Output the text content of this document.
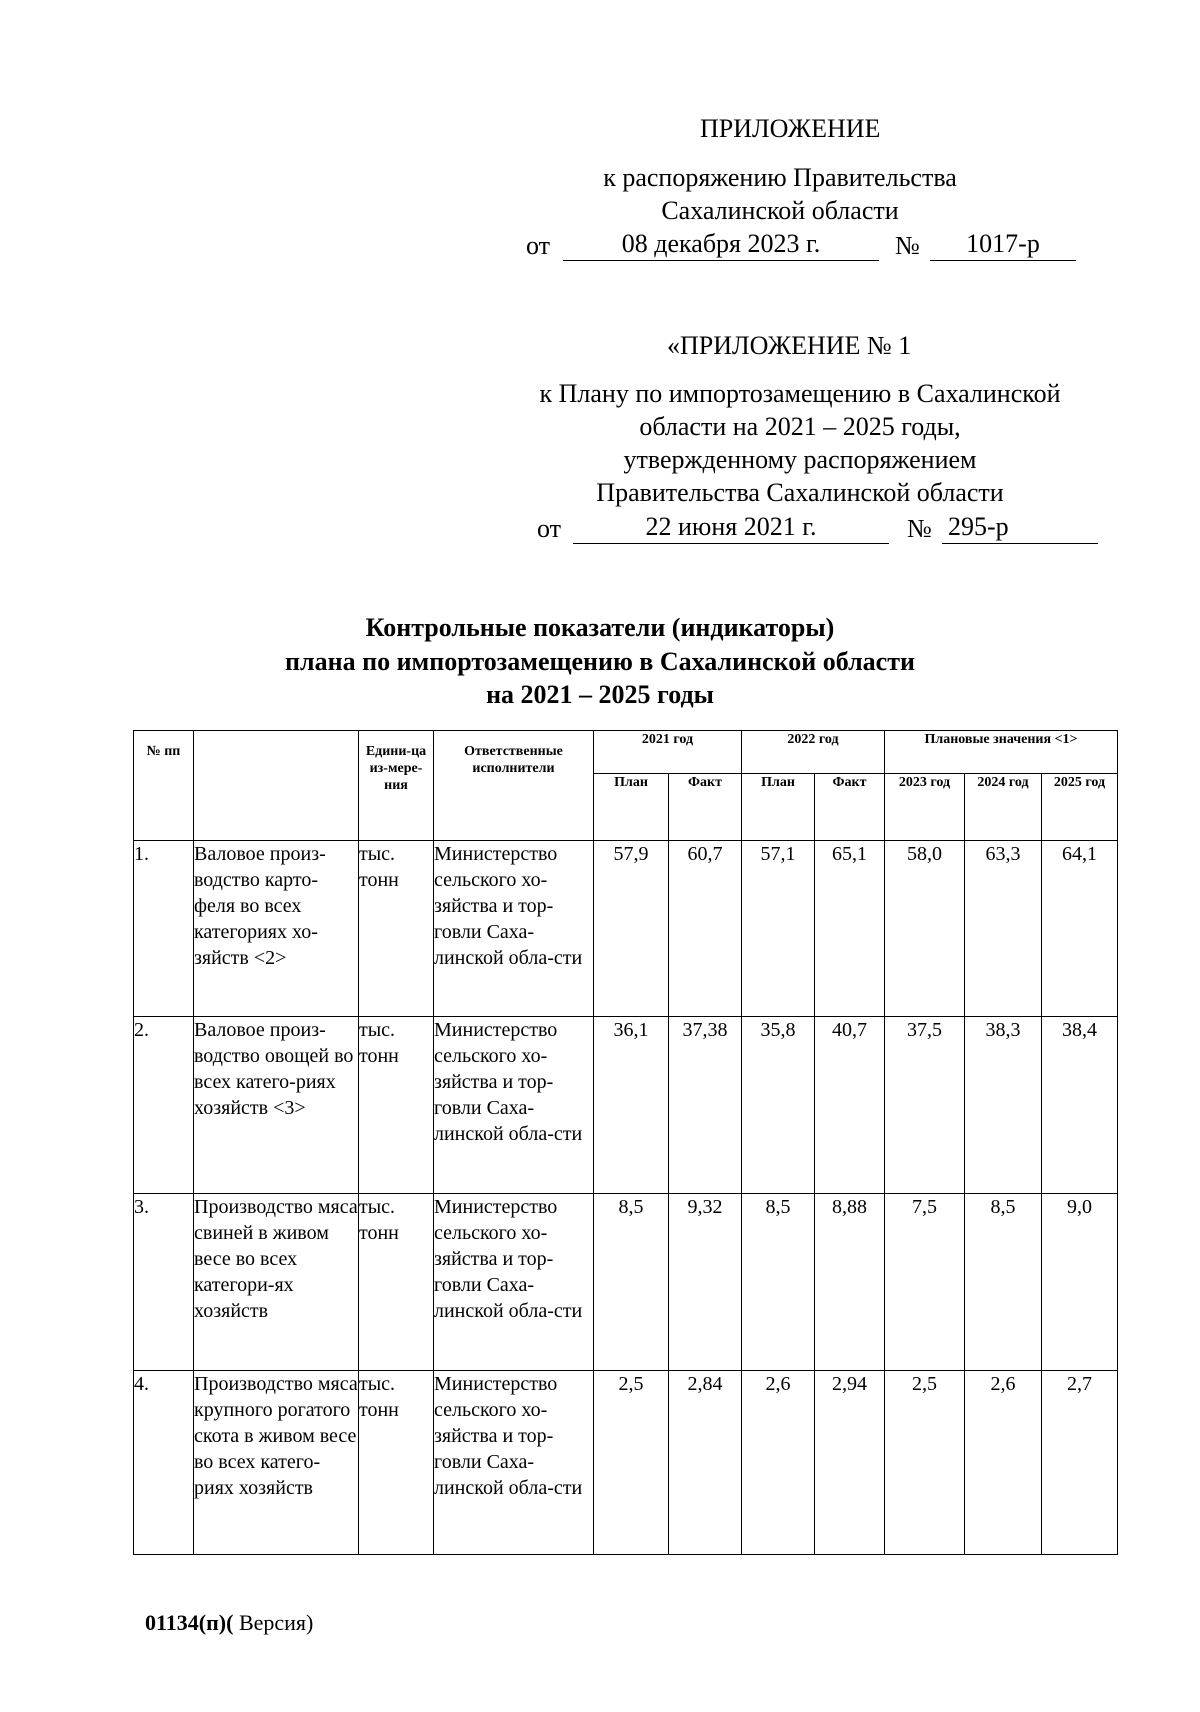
ПРИЛОЖЕНИЕ
к распоряжению Правительства
Сахалинской области
от	08 декабря 2023 г.	№	1017-р
«ПРИЛОЖЕНИЕ № 1
к Плану по импортозамещению в Сахалинской
области на 2021 – 2025 годы,
утвержденному распоряжением
Правительства Сахалинской области
от	22 июня 2021 г.	№ 295-р
Контрольные показатели (индикаторы)
плана по импортозамещению в Сахалинской области
на 2021 – 2025 годы
№ пп		Едини-ца из-мере-ния	Ответственные исполнители	2021 год		2022 год		Плановые значения <1>		
				План	Факт	План	Факт	2023 год	2024 год	2025 год
1.	Валовое произ-водство карто-феля во всех категориях хо-зяйств <2>	тыс. тонн	Министерство сельского хо-зяйства и тор-говли Саха-линской обла-сти	57,9	60,7	57,1	65,1	58,0	63,3	64,1
2.	Валовое произ-водство овощей во всех катего-риях хозяйств <3>	тыс. тонн	Министерство сельского хо-зяйства и тор-говли Саха-линской обла-сти	36,1	37,38	35,8	40,7	37,5	38,3	38,4
3.	Производство мяса свиней в живом весе во всех категори-ях хозяйств	тыс. тонн	Министерство сельского хо-зяйства и тор-говли Саха-линской обла-сти	8,5	9,32	8,5	8,88	7,5	8,5	9,0
4.	Производство мяса крупного рогатого скота в живом весе во всех катего-риях хозяйств	тыс. тонн	Министерство сельского хо-зяйства и тор-говли Саха-линской обла-сти	2,5	2,84	2,6	2,94	2,5	2,6	2,7
01134(п)( Версия)
